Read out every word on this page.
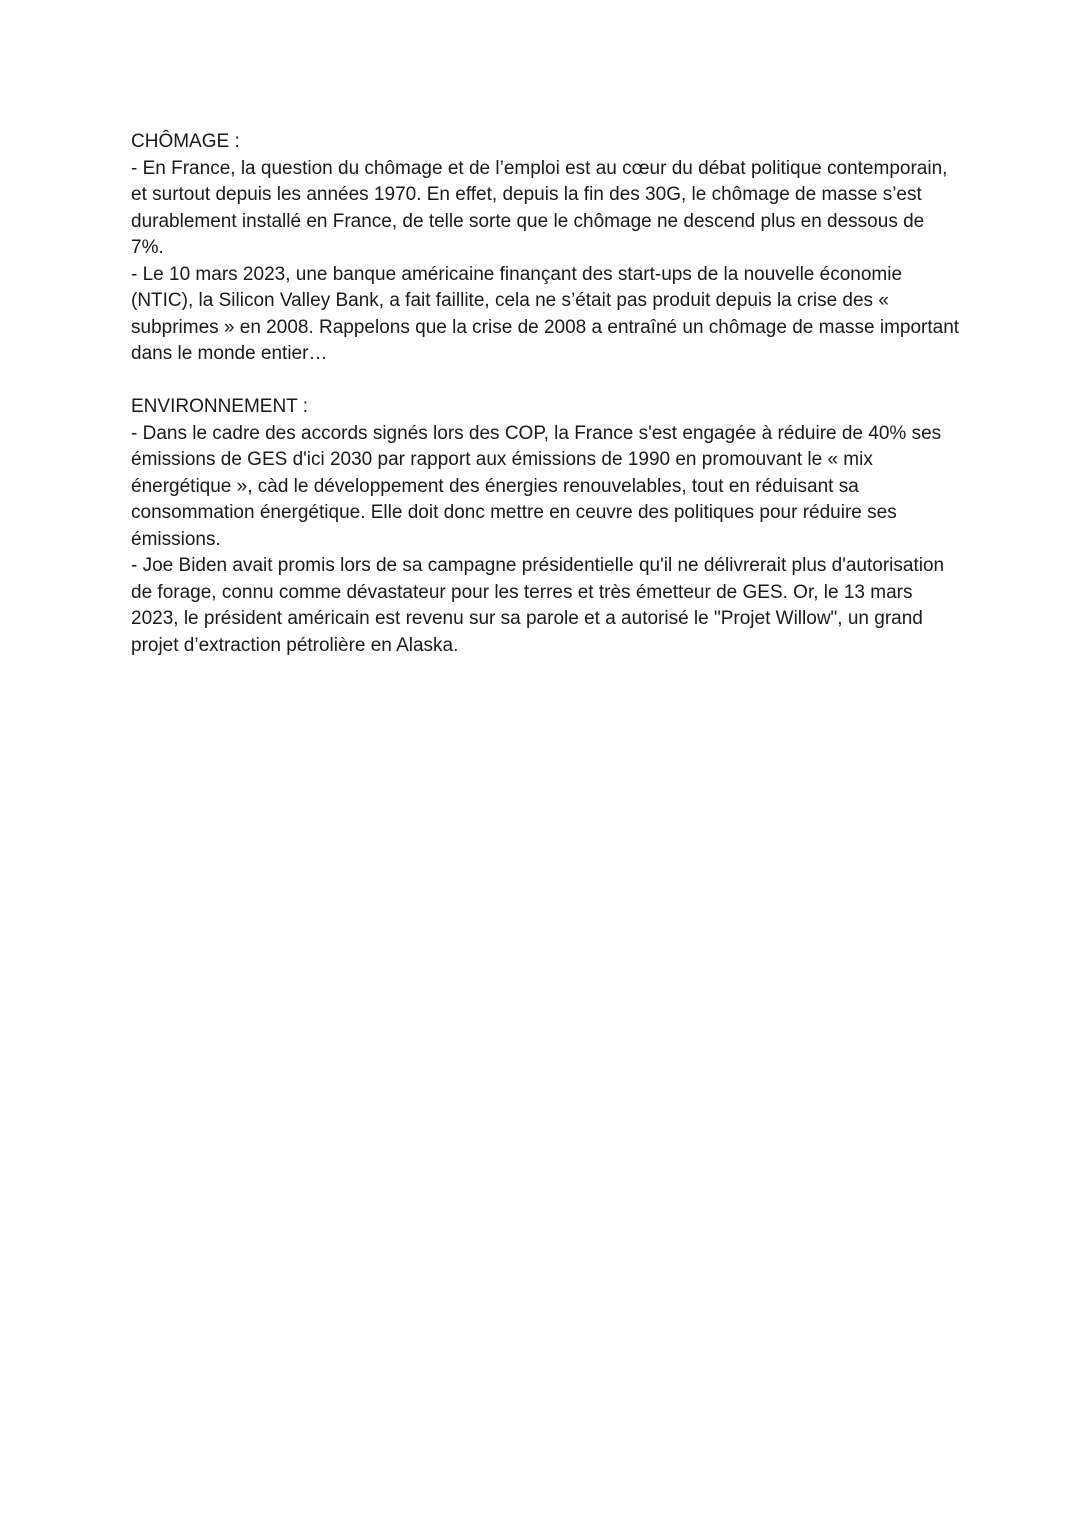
CHÔMAGE :

- En France, la question du chômage et de l’emploi est au cœur du débat politique contemporain, et surtout depuis les années 1970. En effet, depuis la fin des 30G, le chômage de masse s’est durablement installé en France, de telle sorte que le chômage ne descend plus en dessous de 7%.

- Le 10 mars 2023, une banque américaine finançant des start-ups de la nouvelle économie (NTIC), la Silicon Valley Bank, a fait faillite, cela ne s’était pas produit depuis la crise des « subprimes » en 2008. Rappelons que la crise de 2008 a entraîné un chômage de masse important dans le monde entier…

ENVIRONNEMENT :

- Dans le cadre des accords signés lors des COP, la France s'est engagée à réduire de 40% ses émissions de GES d'ici 2030 par rapport aux émissions de 1990 en promouvant le « mix énergétique », càd le développement des énergies renouvelables, tout en réduisant sa consommation énergétique. Elle doit donc mettre en ceuvre des politiques pour réduire ses émissions.

- Joe Biden avait promis lors de sa campagne présidentielle qu'il ne délivrerait plus d'autorisation de forage, connu comme dévastateur pour les terres et très émetteur de GES. Or, le 13 mars 2023, le président américain est revenu sur sa parole et a autorisé le "Projet Willow", un grand projet d’extraction pétrolière en Alaska.
